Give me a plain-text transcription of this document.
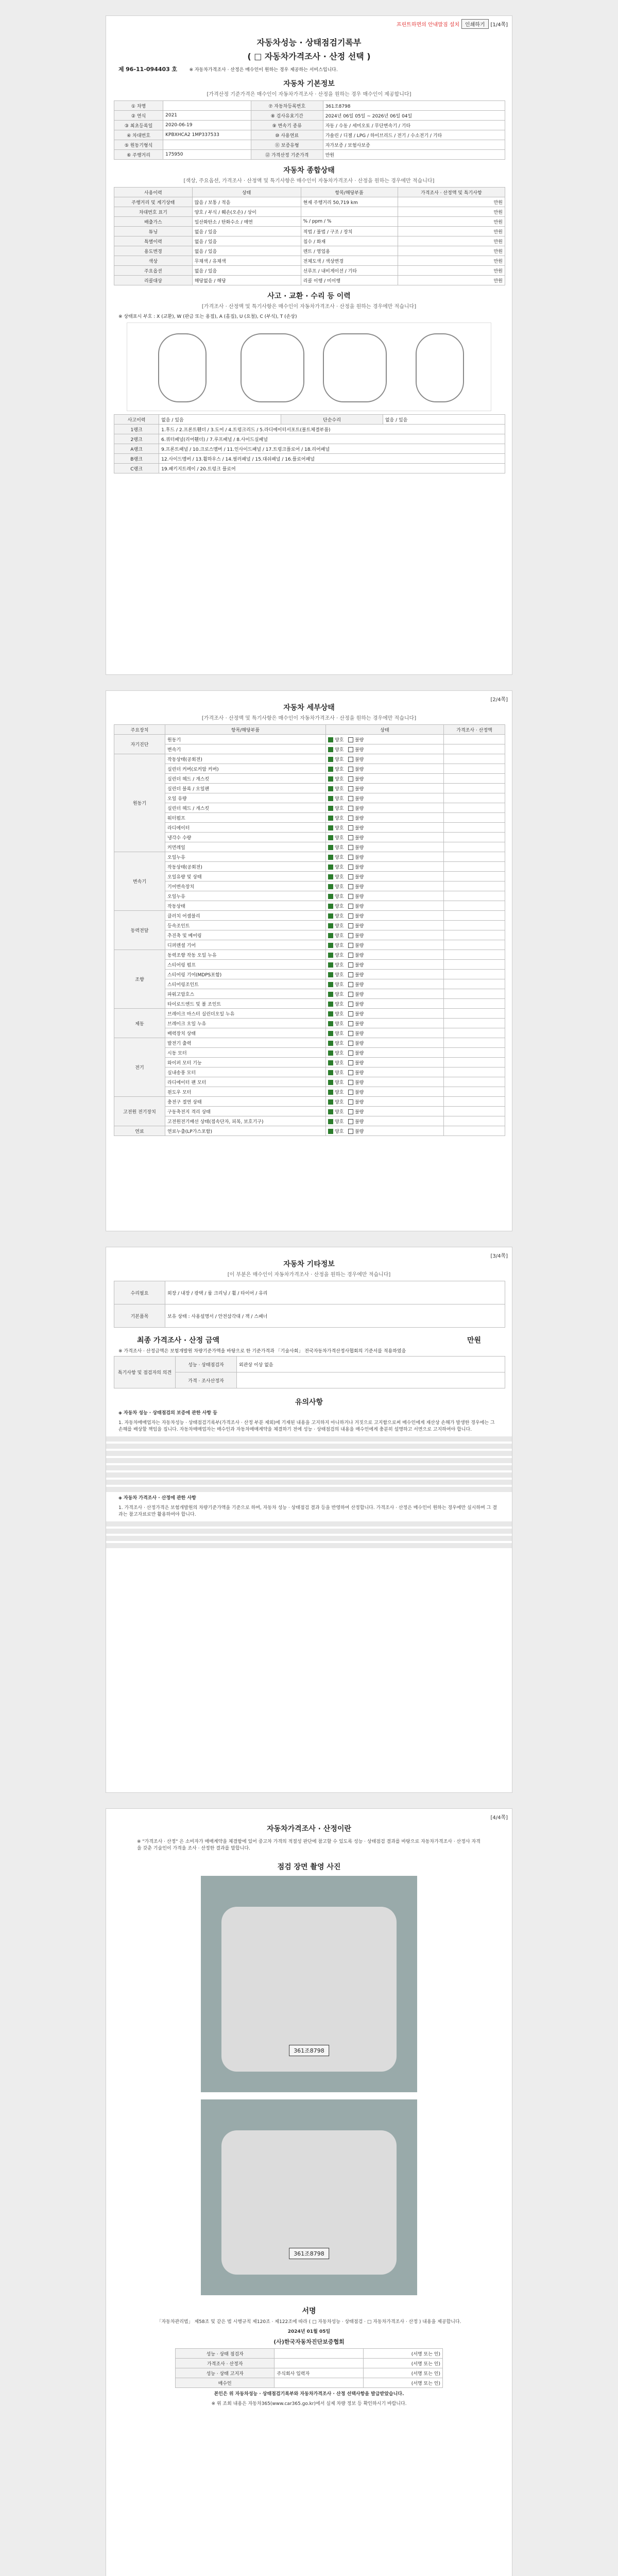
프린트하면의 안내말짐 설치 인쇄하기 [1/4쪽]
자동차성능 · 상태점검기록부
( □ 자동차가격조사 · 산정 선택 )
제 96-11-094403 호	※ 자동차가격조사 · 산정은 매수인이 원하는 경우 제공하는 서비스입니다.
자동차 기본정보
[가격산정 기준가격은 매수인이 자동차가격조사 · 산정을 원하는 경우 매수인이 제공합니다]
① 차명		⑦ 자동차등록번호	361조8798
② 연식	2021	⑧ 검사유효기간	2024년 06일 05일 ~ 2026년 06일 04일
③ 최초등록일	2020-06-19	⑨ 변속기 종류	자동 / 수동 / 세미오토 / 무단변속기 / 기타
④ 차대번호	KPBXHCA2 1MP337533	⑩ 사용연료	가솔린 / 디젤 / LPG / 하이브리드 / 전기 / 수소전기 / 기타
⑤ 원동기형식		⑪ 보증유형	자가보증 / 보험사보증
⑥ 주행거리	175950	⑫ 가격산정 기준가격	만원
자동차 종합상태
[색상, 주요옵션, 가격조사 · 산정액 및 특기사항은 매수인이 자동차가격조사 · 산정을 원하는 경우에만 적습니다]
사용이력	상태	항목/해당부품	가격조사 · 산정액 및 특기사항
주행거리 및 계기상태	많음 / 보통 / 적음	현재 주행거리 50,719 km	만원
차대번호 표기	양호 / 부식 / 훼손(오손) / 상이		만원
배출가스	일산화탄소 / 탄화수소 / 매연	% / ppm / %	만원
튜닝	없음 / 있음	적법 / 불법 / 구조 / 장치	만원
특별이력	없음 / 있음	침수 / 화재	만원
용도변경	없음 / 있음	렌트 / 영업용	만원
색상	무채색 / 유채색	전체도색 / 색상변경	만원
주요옵션	없음 / 있음	선루프 / 내비게이션 / 기타	만원
리콜대상	해당없음 / 해당	리콜 이행 / 미이행	만원
사고 · 교환 · 수리 등 이력
[가격조사 · 산정액 및 특기사항은 매수인이 자동차가격조사 · 산정을 원하는 경우에만 적습니다]
※ 상태표시 부호 : X (교환), W (판금 또는 용접), A (흠집), U (요철), C (부식), T (손상)
사고이력	없음 / 있음	단순수리	없음 / 있음
1랭크	1.후드 / 2.프론트휀더 / 3.도어 / 4.트렁크리드 / 5.라디에이터서포트(볼트체결부품)		
2랭크	6.쿼터패널(리어휀더) / 7.루프패널 / 8.사이드실패널		
A랭크	9.프론트패널 / 10.크로스멤버 / 11.인사이드패널 / 17.트렁크플로어 / 18.리어패널		
B랭크	12.사이드멤버 / 13.휠하우스 / 14.필러패널 / 15.대쉬패널 / 16.플로어패널		
C랭크	19.패키지트레이 / 20.트렁크 플로어		
[2/4쪽]
자동차 세부상태
[가격조사 · 산정액 및 특기사항은 매수인이 자동차가격조사 · 산정을 원하는 경우에만 적습니다]
주요장치	항목/해당부품	상태	가격조사 · 산정액
자기진단	원동기	양호   불량	
	변속기	양호   불량	
원동기	작동상태(공회전)	양호   불량	
	실린더 커버(로커암 커버)	양호   불량	
	실린더 헤드 / 개스킷	양호   불량	
	실린더 블록 / 오일팬	양호   불량	
	오일 유량	양호   불량	
	실린더 헤드 / 개스킷	양호   불량	
	워터펌프	양호   불량	
	라디에이터	양호   불량	
	냉각수 수량	양호   불량	
	커먼레일	양호   불량	
변속기	오일누유	양호   불량	
	작동상태(공회전)	양호   불량	
	오일유량 및 상태	양호   불량	
	기어변속장치	양호   불량	
	오일누유	양호   불량	
	작동상태	양호   불량	
동력전달	클러치 어셈블리	양호   불량	
	등속조인트	양호   불량	
	추진축 및 베어링	양호   불량	
	디퍼렌셜 기어	양호   불량	
조향	동력조향 작동 오일 누유	양호   불량	
	스티어링 펌프	양호   불량	
	스티어링 기어(MDPS포함)	양호   불량	
	스티어링조인트	양호   불량	
	파워고압호스	양호   불량	
	타이로드엔드 및 볼 조인트	양호   불량	
제동	브레이크 마스터 실린더오일 누유	양호   불량	
	브레이크 오일 누유	양호   불량	
	배력장치 상태	양호   불량	
전기	발전기 출력	양호   불량	
	시동 모터	양호   불량	
	와이퍼 모터 기능	양호   불량	
	실내송풍 모터	양호   불량	
	라디에이터 팬 모터	양호   불량	
	윈도우 모터	양호   불량	
고전원 전기장치	충전구 절연 상태	양호   불량	
	구동축전지 격리 상태	양호   불량	
	고전원전기배선 상태(접속단자, 피복, 보호기구)	양호   불량	
연료	연료누출(LP가스포함)	양호   불량	
[3/4쪽]
자동차 기타정보
[이 부분은 매수인이 자동차가격조사 · 산정을 원하는 경우에만 적습니다]
수리필요	외장 / 내장 / 광택 / 룸 크리닝 / 휠 / 타이어 / 유리
기본품목	보유 상태 : 사용설명서 / 안전삼각대 / 잭 / 스패너
최종 가격조사 · 산정 금액	만원
※ 가격조사 · 산정금액은 보험개발원 차량기준가액을 바탕으로 한 기준가격과 「기술사회」 전국자동차가격산정사협회의 기준서를 적용하였음
특기사항 및 점검자의 의견	성능 · 상태점검자	외관상 이상 없음
	가격 · 조사산정자	
유의사항
◈ 자동차 성능 · 상태점검의 보증에 관한 사항 등
1. 자동차매매업자는 자동차성능 · 상태점검기록부(가격조사 · 산정 부분 제외)에 기재된 내용을 고지하지 아니하거나 거짓으로 고지함으로써 매수인에게 재산상 손해가 발생한 경우에는 그 손해를 배상할 책임을 집니다. 자동차매매업자는 매수인과 자동차매매계약을 체결하기 전에 성능 · 상태점검의 내용을 매수인에게 충분히 설명하고 서면으로 고지하여야 합니다.
◈ 자동차 가격조사 · 산정에 관한 사항
1. 가격조사 · 산정가격은 보험개발원의 차량기준가액을 기준으로 하며, 자동차 성능 · 상태점검 결과 등을 반영하여 산정합니다. 가격조사 · 산정은 매수인이 원하는 경우에만 실시하며 그 결과는 참고자료로만 활용하여야 합니다.
[4/4쪽]
자동차가격조사 · 산정이란
※ "가격조사 · 산정" 은 소비자가 매매계약을 체결함에 있어 중고차 가격의 적절성 판단에 참고할 수 있도록 성능 · 상태점검 결과를 바탕으로 자동차가격조사 · 산정사 자격을 갖춘 기술인이 가격을 조사 · 산정한 결과를 말합니다.
점검 장면 촬영 사진
361조8798
361조8798
서명
「자동차관리법」 제58조 및 같은 법 시행규칙 제120조 · 제122조에 따라 ( □ 자동차성능 · 상태점검 · □ 자동차가격조사 · 산정 ) 내용을 제공합니다.
2024년 01월 05일
(사)한국자동차진단보증협회
성능 · 상태 점검자		(서명 또는 인)
가격조사 · 산정자		(서명 또는 인)
성능 · 상태 고지자	주식회사 입력자	(서명 또는 인)
매수인		(서명 또는 인)
본인은 위 자동차성능 · 상태점검기록부와 자동차가격조사 · 산정 선택사항을 발급받았습니다.
※ 위 조회 내용은 자동차365(www.car365.go.kr)에서 실제 차량 정보 등 확인하시기 바랍니다.
